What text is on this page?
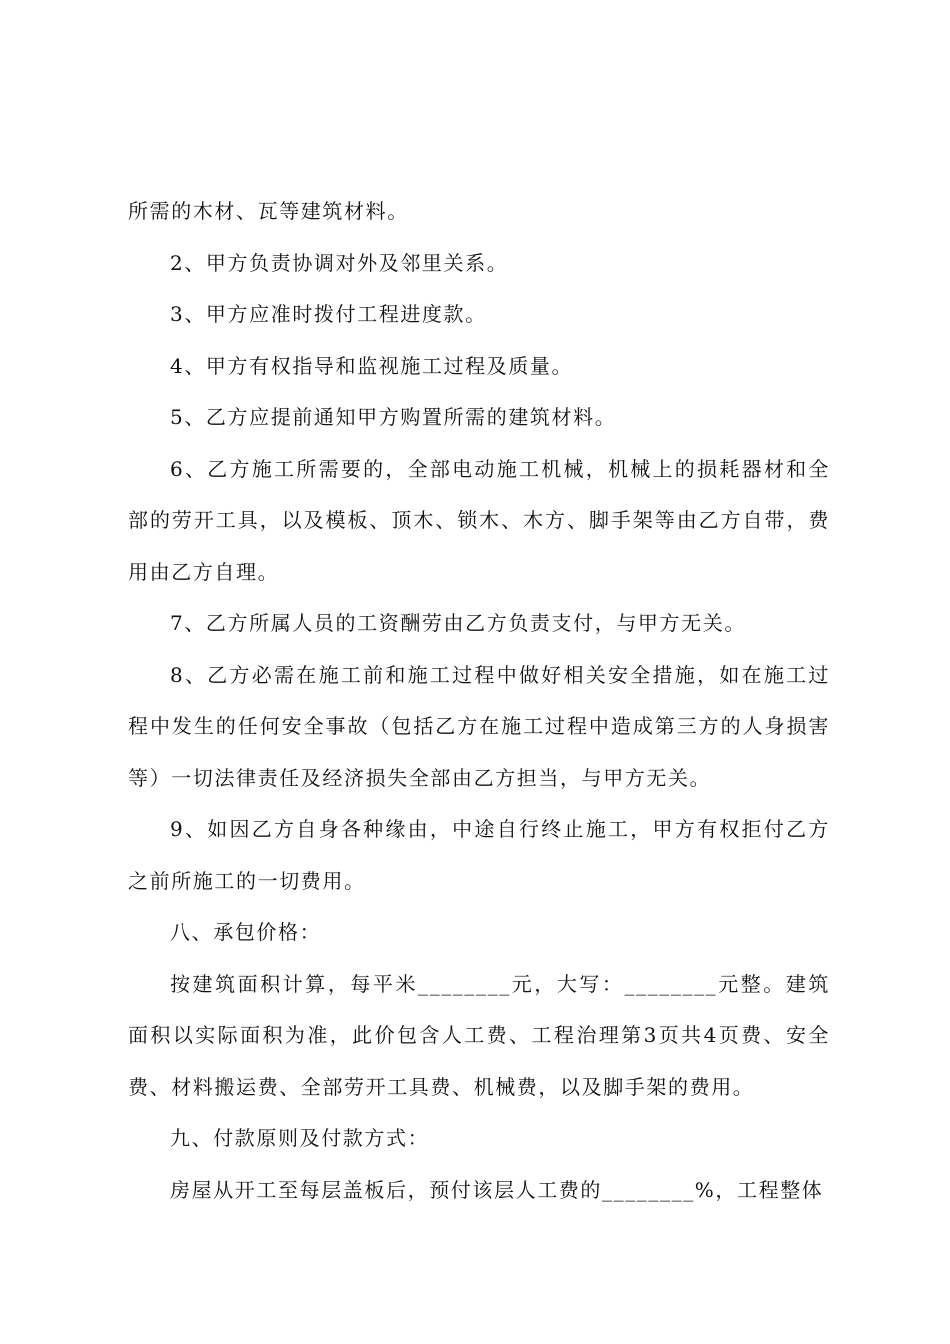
所需的木材、瓦等建筑材料。

2、甲方负责协调对外及邻里关系。

3、甲方应准时拨付工程进度款。

4、甲方有权指导和监视施工过程及质量。

5、乙方应提前通知甲方购置所需的建筑材料。

6、乙方施工所需要的，全部电动施工机械，机械上的损耗器材和全部的劳开工具，以及模板、顶木、锁木、木方、脚手架等由乙方自带，费用由乙方自理。

7、乙方所属人员的工资酬劳由乙方负责支付，与甲方无关。

8、乙方必需在施工前和施工过程中做好相关安全措施，如在施工过程中发生的任何安全事故（包括乙方在施工过程中造成第三方的人身损害等）一切法律责任及经济损失全部由乙方担当，与甲方无关。

9、如因乙方自身各种缘由，中途自行终止施工，甲方有权拒付乙方之前所施工的一切费用。

八、承包价格：

按建筑面积计算，每平米________元，大写：________元整。建筑面积以实际面积为准，此价包含人工费、工程治理第3页共4页费、安全费、材料搬运费、全部劳开工具费、机械费，以及脚手架的费用。

九、付款原则及付款方式：

房屋从开工至每层盖板后，预付该层人工费的________%，工程整体
